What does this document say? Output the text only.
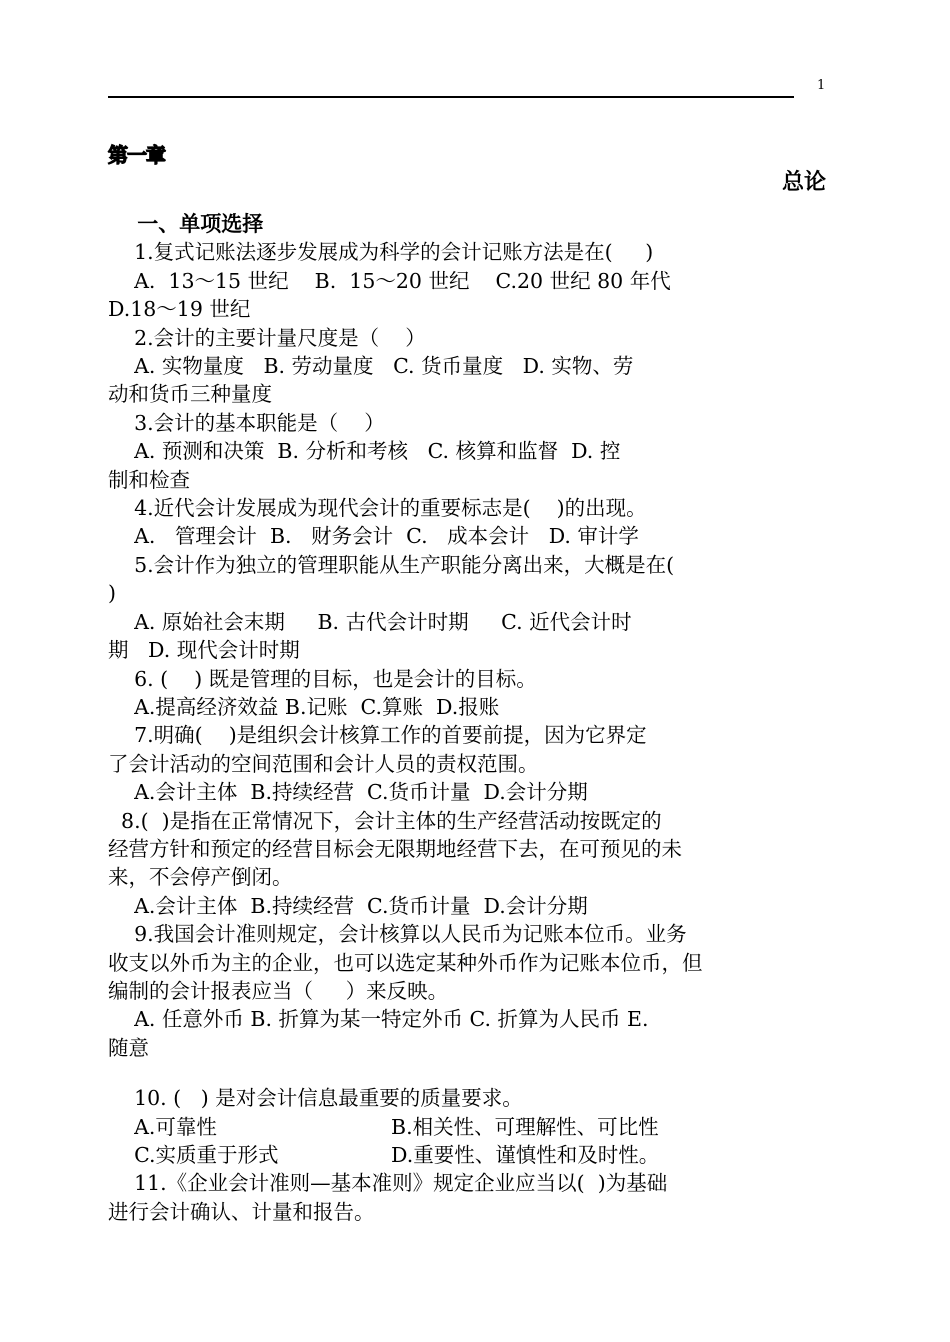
1
第一章
总论
一、单项选择
1.复式记账法逐步发展成为科学的会计记账方法是在(     )
A.  13～15 世纪    B.  15～20 世纪    C.20 世纪 80 年代
D.18～19 世纪
2.会计的主要计量尺度是（    ）
A. 实物量度   B. 劳动量度   C. 货币量度   D. 实物、劳
动和货币三种量度
3.会计的基本职能是（    ）
A. 预测和决策  B. 分析和考核   C. 核算和监督  D. 控
制和检查
4.近代会计发展成为现代会计的重要标志是(    )的出现。
A.   管理会计  B.   财务会计  C.   成本会计   D. 审计学
5.会计作为独立的管理职能从生产职能分离出来，大概是在(
)
A. 原始社会末期     B. 古代会计时期     C. 近代会计时
期   D. 现代会计时期
6. (    ) 既是管理的目标，也是会计的目标。
A.提高经济效益 B.记账  C.算账  D.报账
7.明确(    )是组织会计核算工作的首要前提，因为它界定
了会计活动的空间范围和会计人员的责权范围。
A.会计主体  B.持续经营  C.货币计量  D.会计分期
8.(  )是指在正常情况下，会计主体的生产经营活动按既定的
经营方针和预定的经营目标会无限期地经营下去，在可预见的未
来，不会停产倒闭。
A.会计主体  B.持续经营  C.货币计量  D.会计分期
9.我国会计准则规定，会计核算以人民币为记账本位币。业务
收支以外币为主的企业，也可以选定某种外币作为记账本位币，但
编制的会计报表应当（     ）来反映。
A. 任意外币 B. 折算为某一特定外币 C. 折算为人民币 E.
随意
10. (   ) 是对会计信息最重要的质量要求。
A.可靠性	B.相关性、可理解性、可比性
C.实质重于形式	D.重要性、谨慎性和及时性。
11.《企业会计准则—基本准则》规定企业应当以(  )为基础
进行会计确认、计量和报告。
